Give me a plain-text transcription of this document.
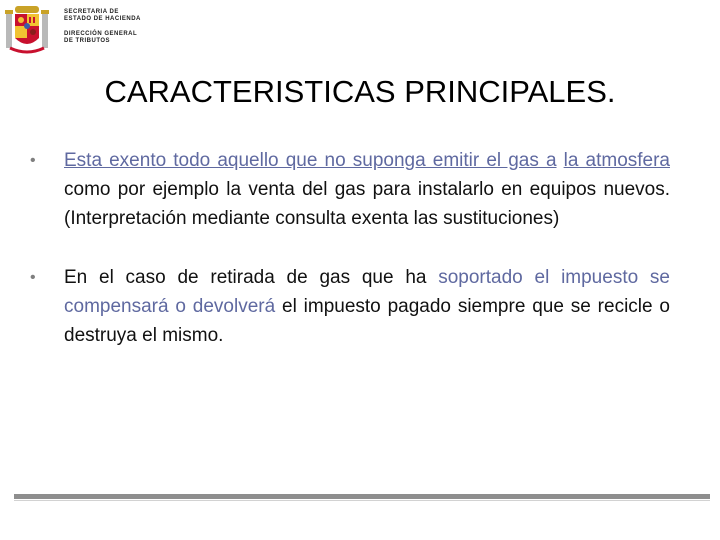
SECRETARIA DE
ESTADO DE HACIENDA
DIRECCIÓN GENERAL
DE TRIBUTOS
CARACTERISTICAS PRINCIPALES.
• Esta exento todo aquello que no suponga emitir el gas a la atmosfera como por ejemplo la venta del gas para instalarlo en equipos nuevos. (Interpretación mediante consulta exenta las sustituciones)
• En el caso de retirada de gas que ha soportado el impuesto se compensará o devolverá el impuesto pagado siempre que se recicle o destruya el mismo.
